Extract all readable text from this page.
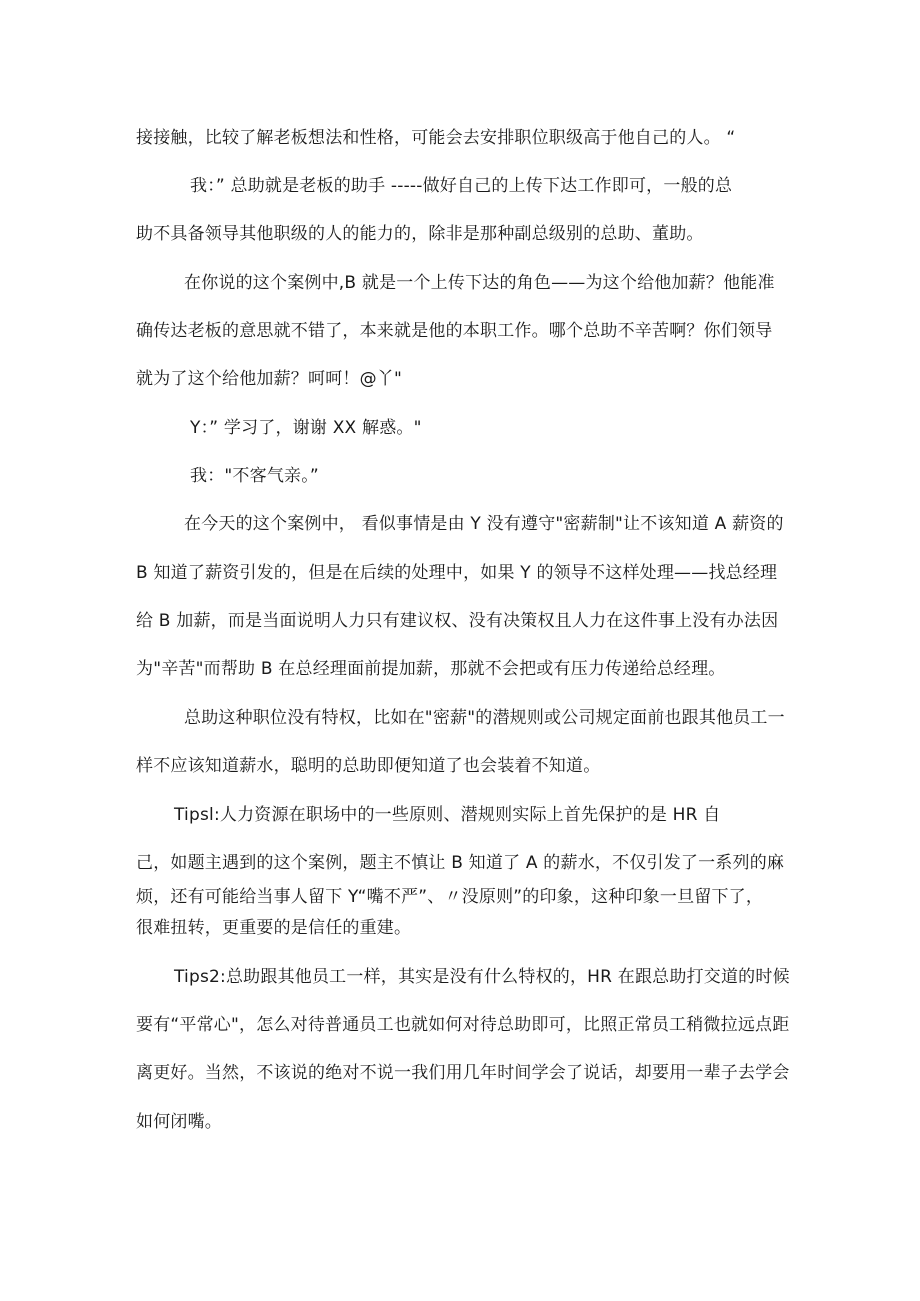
接接触，比较了解老板想法和性格，可能会去安排职位职级高于他自己的人。 “
我：” 总助就是老板的助手 -----做好自己的上传下达工作即可，一般的总
助不具备领导其他职级的人的能力的，除非是那种副总级别的总助、董助。
在你说的这个案例中,B 就是一个上传下达的角色——为这个给他加薪？他能准
确传达老板的意思就不错了，本来就是他的本职工作。哪个总助不辛苦啊？你们领导
就为了这个给他加薪？呵呵！@丫"
Y：” 学习了，谢谢 XX 解惑。"
我："不客气亲。”
在今天的这个案例中， 看似事情是由 Y 没有遵守"密薪制"让不该知道 A 薪资的
B 知道了薪资引发的，但是在后续的处理中，如果 Y 的领导不这样处理——找总经理
给 B 加薪，而是当面说明人力只有建议权、没有决策权且人力在这件事上没有办法因
为"辛苦"而帮助 B 在总经理面前提加薪，那就不会把或有压力传递给总经理。
总助这种职位没有特权，比如在"密薪"的潜规则或公司规定面前也跟其他员工一
样不应该知道薪水，聪明的总助即便知道了也会装着不知道。
Tipsl:人力资源在职场中的一些原则、潜规则实际上首先保护的是 HR 自
己，如题主遇到的这个案例，题主不慎让 B 知道了 A 的薪水，不仅引发了一系列的麻
烦，还有可能给当事人留下 Y“嘴不严”、〃没原则”的印象，这种印象一旦留下了，
很难扭转，更重要的是信任的重建。
Tips2:总助跟其他员工一样，其实是没有什么特权的，HR 在跟总助打交道的时候
要有“平常心"，怎么对待普通员工也就如何对待总助即可，比照正常员工稍微拉远点距
离更好。当然，不该说的绝对不说一我们用几年时间学会了说话，却要用一辈子去学会
如何闭嘴。
